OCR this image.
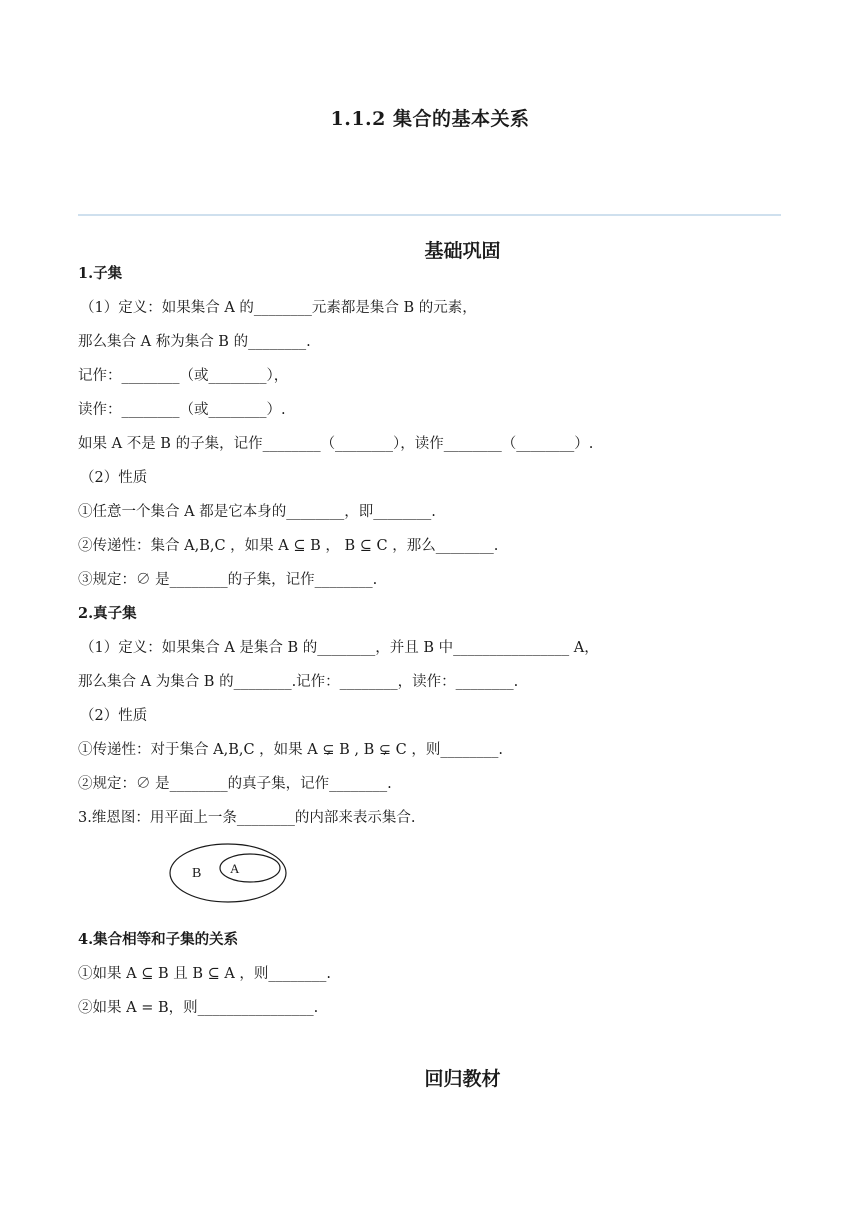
1.1.2 集合的基本关系
基础巩固
1.子集
（1）定义：如果集合 A 的________元素都是集合 B 的元素，
那么集合 A 称为集合 B 的________.
记作：________（或________），
读作：________（或________）.
如果 A 不是 B 的子集，记作________（________），读作________（________）.
（2）性质
①任意一个集合 A 都是它本身的________，即________.
②传递性：集合 A,B,C ，如果 A ⊆ B ， B ⊆ C ，那么________.
③规定：∅ 是________的子集，记作________.
2.真子集
（1）定义：如果集合 A 是集合 B 的________，并且 B 中________________ A，
那么集合 A 为集合 B 的________.记作：________，读作：________.
（2）性质
①传递性：对于集合 A,B,C ，如果 A ⊊ B , B ⊊ C ，则________.
②规定：∅ 是________的真子集，记作________.
3.维恩图：用平面上一条________的内部来表示集合.
B A
4.集合相等和子集的关系
①如果 A ⊆ B 且 B ⊆ A ，则________.
②如果 A = B，则________________.
回归教材
